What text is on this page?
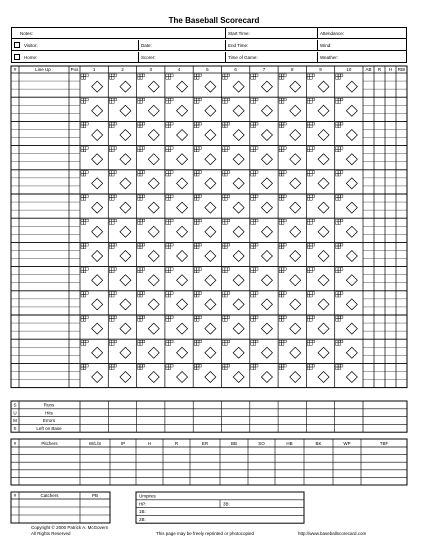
The Baseball Scorecard
Notes:	Start Time:	Attendance:
Visitor:	Date:	End Time:	Wind:
Home:	Scorer:	Time of Game:	Weather:
#	Line Up	Pos	1	2	3	4	5	6	7	8	9	10	AB R H RBI
S	Runs
U	Hits
M	Errors
S	Left on Base
#	Pitchers	W/L/S	IP	H	R	ER	BB	SO	HB	BK	WP	TBF
#	Catchers	PB	Umpires
HP:	3B:
1B:
2B:
Copyright © 2000 Patrick A. McGovern
All Rights Reserved	This page may be freely reprinted or photocopied	http://www.baseballscorecard.com
